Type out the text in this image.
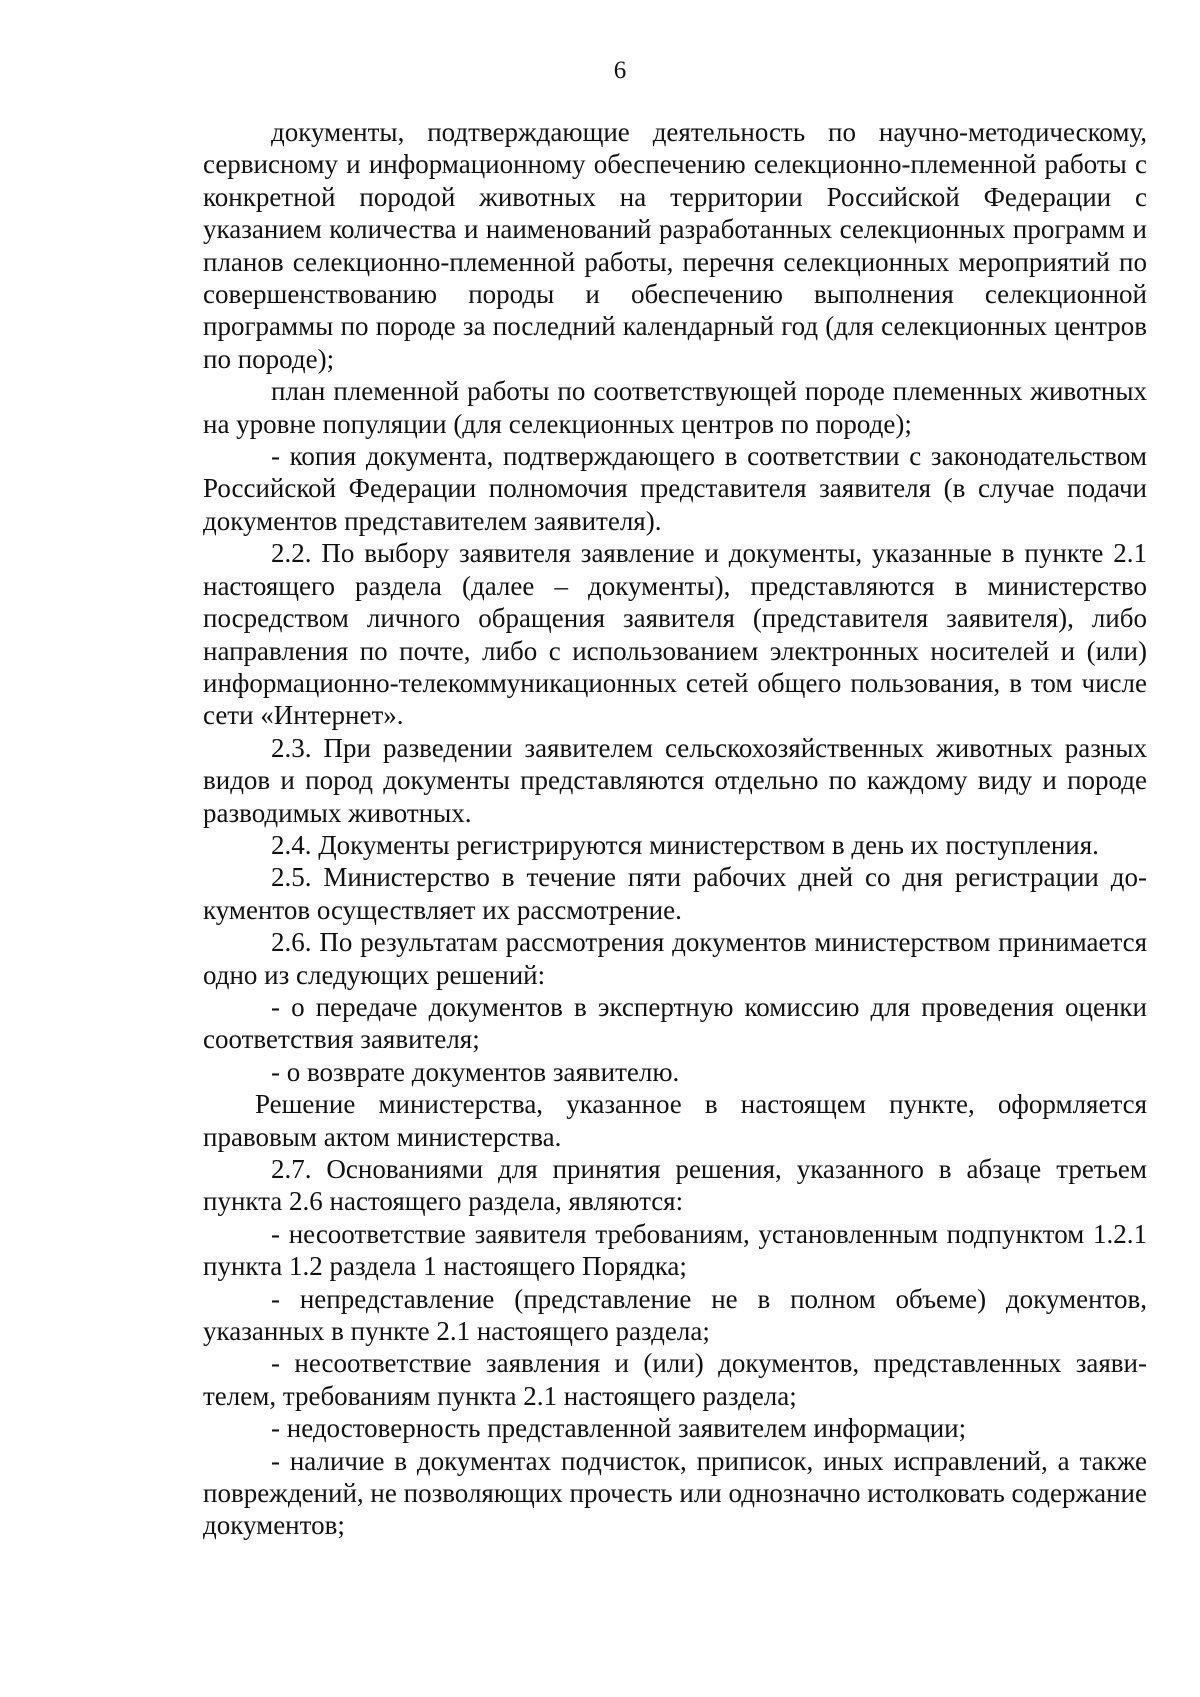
6

документы, подтверждающие деятельность по научно-методическому, сервисному и информационному обеспечению селекционно-племенной работы с конкретной породой животных на территории Российской Федерации с указанием количества и наименований разработанных селекционных программ и планов селекционно-племенной работы, перечня селекционных мероприятий по совершенствованию породы и обеспечению выполнения селекционной программы по породе за последний календарный год (для селекционных центров по породе);

план племенной работы по соответствующей породе племенных животных на уровне популяции (для селекционных центров по породе);

- копия документа, подтверждающего в соответствии с законодательством Российской Федерации полномочия представителя заявителя (в случае подачи документов представителем заявителя).

2.2. По выбору заявителя заявление и документы, указанные в пункте 2.1 настоящего раздела (далее – документы), представляются в министерство посредством личного обращения заявителя (представителя заявителя), либо направления по почте, либо с использованием электронных носителей и (или) информационно-телекоммуникационных сетей общего пользования, в том числе сети «Интернет».

2.3. При разведении заявителем сельскохозяйственных животных разных видов и пород документы представляются отдельно по каждому виду и породе разводимых животных.

2.4. Документы регистрируются министерством в день их поступления.

2.5. Министерство в течение пяти рабочих дней со дня регистрации документов осуществляет их рассмотрение.

2.6. По результатам рассмотрения документов министерством принимается одно из следующих решений:

- о передаче документов в экспертную комиссию для проведения оценки соответствия заявителя;

- о возврате документов заявителю.

Решение министерства, указанное в настоящем пункте, оформляется правовым актом министерства.

2.7. Основаниями для принятия решения, указанного в абзаце третьем пункта 2.6 настоящего раздела, являются:

- несоответствие заявителя требованиям, установленным подпунктом 1.2.1 пункта 1.2 раздела 1 настоящего Порядка;

- непредставление (представление не в полном объеме) документов, указанных в пункте 2.1 настоящего раздела;

- несоответствие заявления и (или) документов, представленных заявителем, требованиям пункта 2.1 настоящего раздела;

- недостоверность представленной заявителем информации;

- наличие в документах подчисток, приписок, иных исправлений, а также повреждений, не позволяющих прочесть или однозначно истолковать содержание документов;
